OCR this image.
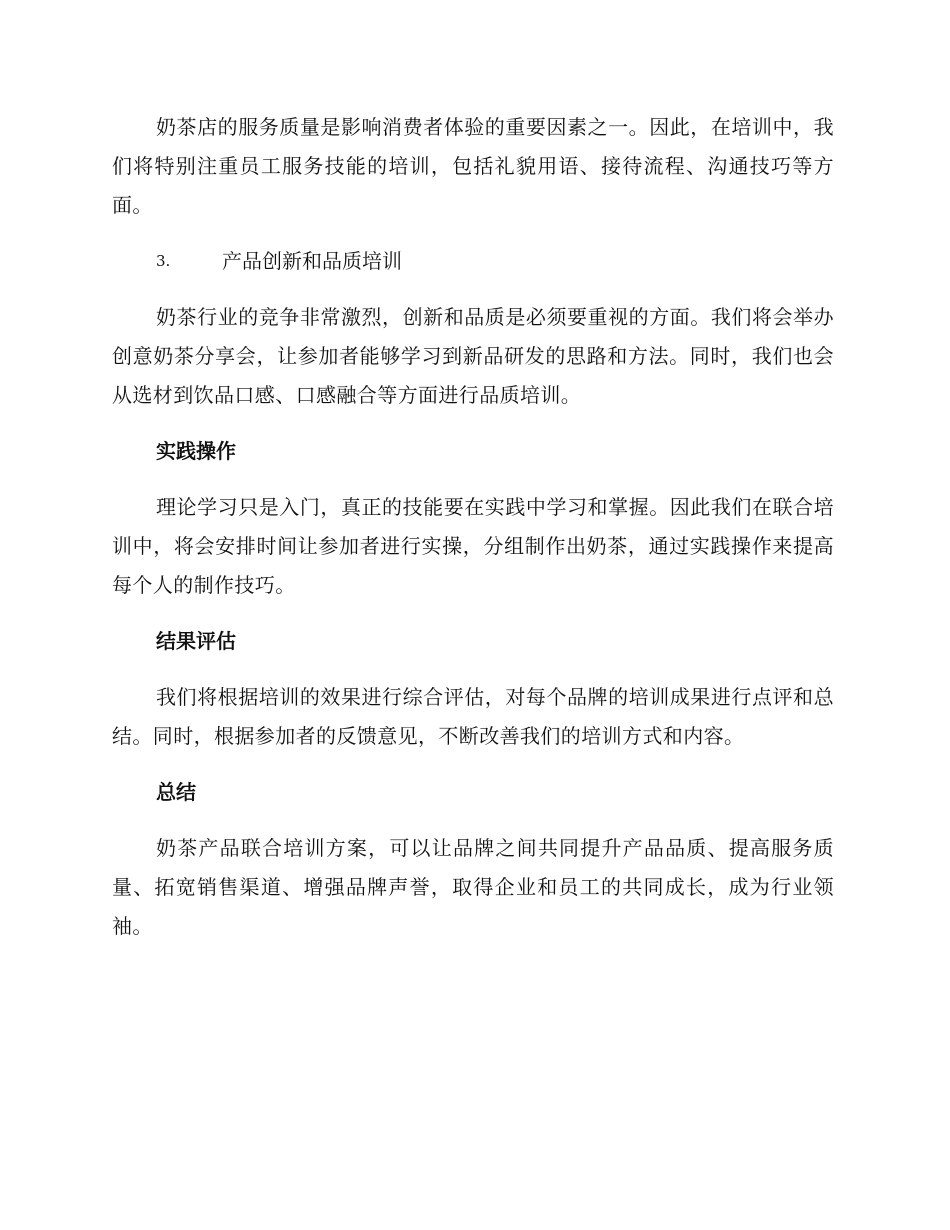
奶茶店的服务质量是影响消费者体验的重要因素之一。因此，在培训中，我们将特别注重员工服务技能的培训，包括礼貌用语、接待流程、沟通技巧等方面。

3.	产品创新和品质培训

奶茶行业的竞争非常激烈，创新和品质是必须要重视的方面。我们将会举办创意奶茶分享会，让参加者能够学习到新品研发的思路和方法。同时，我们也会从选材到饮品口感、口感融合等方面进行品质培训。

实践操作

理论学习只是入门，真正的技能要在实践中学习和掌握。因此我们在联合培训中，将会安排时间让参加者进行实操，分组制作出奶茶，通过实践操作来提高每个人的制作技巧。

结果评估

我们将根据培训的效果进行综合评估，对每个品牌的培训成果进行点评和总结。同时，根据参加者的反馈意见，不断改善我们的培训方式和内容。

总结

奶茶产品联合培训方案，可以让品牌之间共同提升产品品质、提高服务质量、拓宽销售渠道、增强品牌声誉，取得企业和员工的共同成长，成为行业领袖。
